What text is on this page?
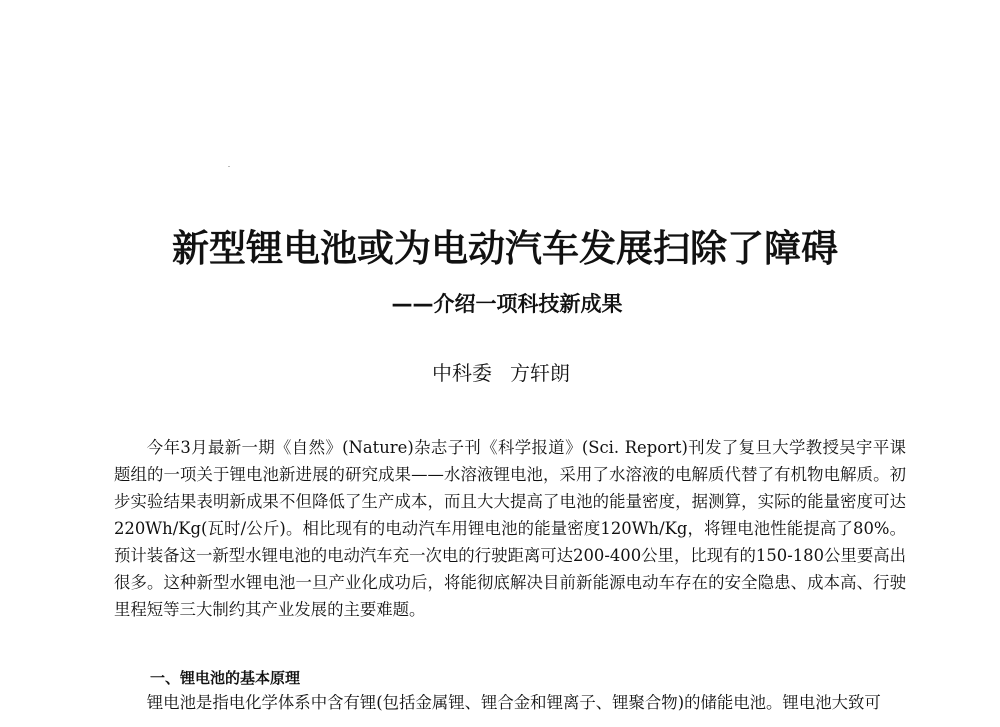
新型锂电池或为电动汽车发展扫除了障碍
——介绍一项科技新成果
中科委 方轩朗

今年3月最新一期《自然》(Nature)杂志子刊《科学报道》(Sci. Report)刊发了复旦大学教授吴宇平课题组的一项关于锂电池新进展的研究成果——水溶液锂电池，采用了水溶液的电解质代替了有机物电解质。初步实验结果表明新成果不但降低了生产成本，而且大大提高了电池的能量密度，据测算，实际的能量密度可达220Wh/Kg(瓦时/公斤)。相比现有的电动汽车用锂电池的能量密度120Wh/Kg，将锂电池性能提高了80%。预计装备这一新型水锂电池的电动汽车充一次电的行驶距离可达200-400公里，比现有的150-180公里要高出很多。这种新型水锂电池一旦产业化成功后，将能彻底解决目前新能源电动车存在的安全隐患、成本高、行驶里程短等三大制约其产业发展的主要难题。

一、锂电池的基本原理

锂电池是指电化学体系中含有锂(包括金属锂、锂合金和锂离子、锂聚合物)的储能电池。锂电池大致可
